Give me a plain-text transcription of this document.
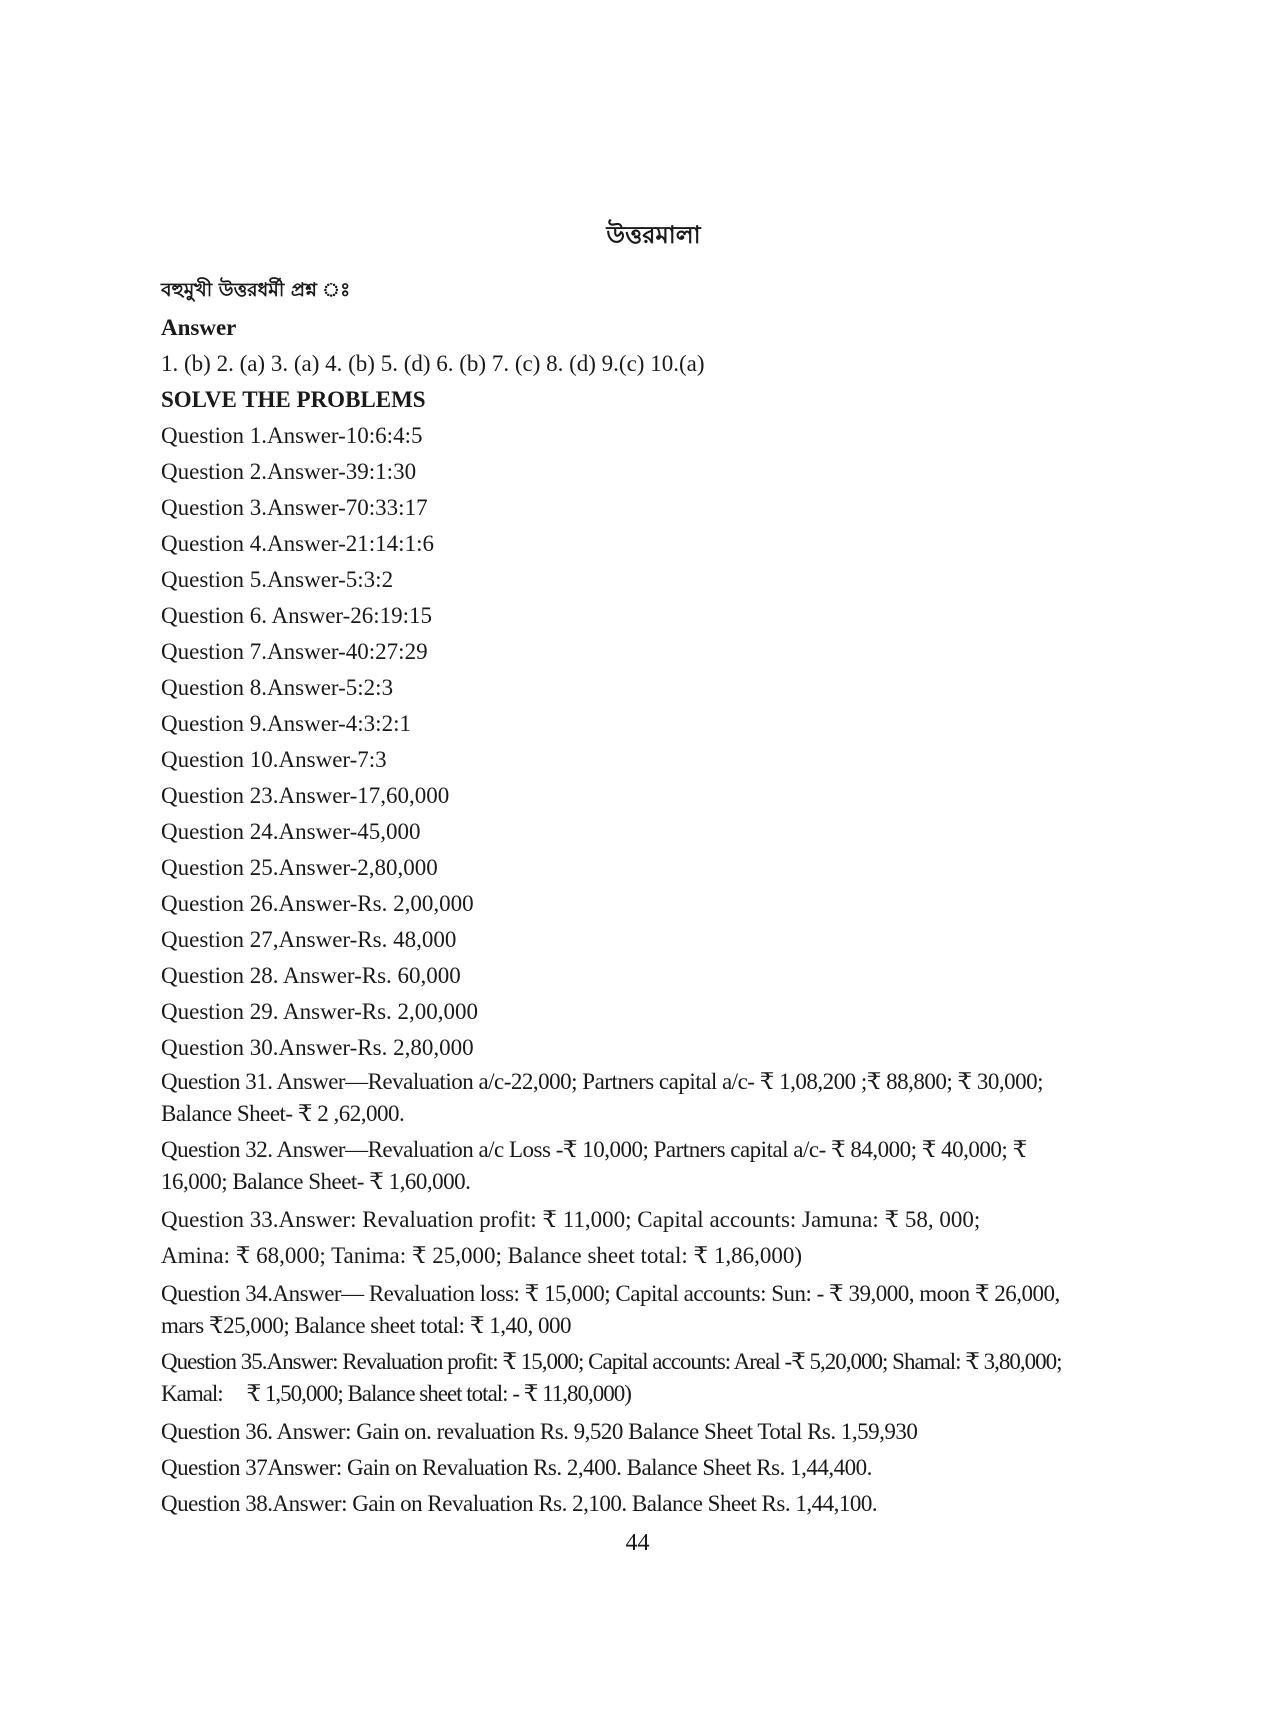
উত্তরমালা
বহুমুখী উত্তরধর্মী প্রশ্ন ঃ
Answer
1. (b) 2. (a) 3. (a) 4. (b) 5. (d) 6. (b) 7. (c) 8. (d) 9.(c) 10.(a)
SOLVE THE PROBLEMS
Question 1.Answer-10:6:4:5
Question 2.Answer-39:1:30
Question 3.Answer-70:33:17
Question 4.Answer-21:14:1:6
Question 5.Answer-5:3:2
Question 6. Answer-26:19:15
Question 7.Answer-40:27:29
Question 8.Answer-5:2:3
Question 9.Answer-4:3:2:1
Question 10.Answer-7:3
Question 23.Answer-17,60,000
Question 24.Answer-45,000
Question 25.Answer-2,80,000
Question 26.Answer-Rs. 2,00,000
Question 27,Answer-Rs. 48,000
Question 28. Answer-Rs. 60,000
Question 29. Answer-Rs. 2,00,000
Question 30.Answer-Rs. 2,80,000
Question 31. Answer—Revaluation a/c-22,000; Partners capital a/c- ₹ 1,08,200 ;₹ 88,800; ₹ 30,000;
Balance Sheet- ₹ 2 ,62,000.
Question 32. Answer—Revaluation a/c Loss -₹ 10,000; Partners capital a/c- ₹ 84,000; ₹ 40,000; ₹
16,000; Balance Sheet- ₹ 1,60,000.
Question 33.Answer: Revaluation profit: ₹ 11,000; Capital accounts: Jamuna: ₹ 58, 000;
Amina: ₹ 68,000; Tanima: ₹ 25,000; Balance sheet total: ₹ 1,86,000)
Question 34.Answer— Revaluation loss: ₹ 15,000; Capital accounts: Sun: - ₹ 39,000, moon ₹ 26,000,
mars ₹25,000; Balance sheet total: ₹ 1,40, 000
Question 35.Answer: Revaluation profit: ₹ 15,000; Capital accounts: Areal -₹ 5,20,000; Shamal: ₹ 3,80,000;
Kamal:     ₹ 1,50,000; Balance sheet total: - ₹ 11,80,000)
Question 36. Answer: Gain on. revaluation Rs. 9,520 Balance Sheet Total Rs. 1,59,930
Question 37Answer: Gain on Revaluation Rs. 2,400. Balance Sheet Rs. 1,44,400.
Question 38.Answer: Gain on Revaluation Rs. 2,100. Balance Sheet Rs. 1,44,100.
44
